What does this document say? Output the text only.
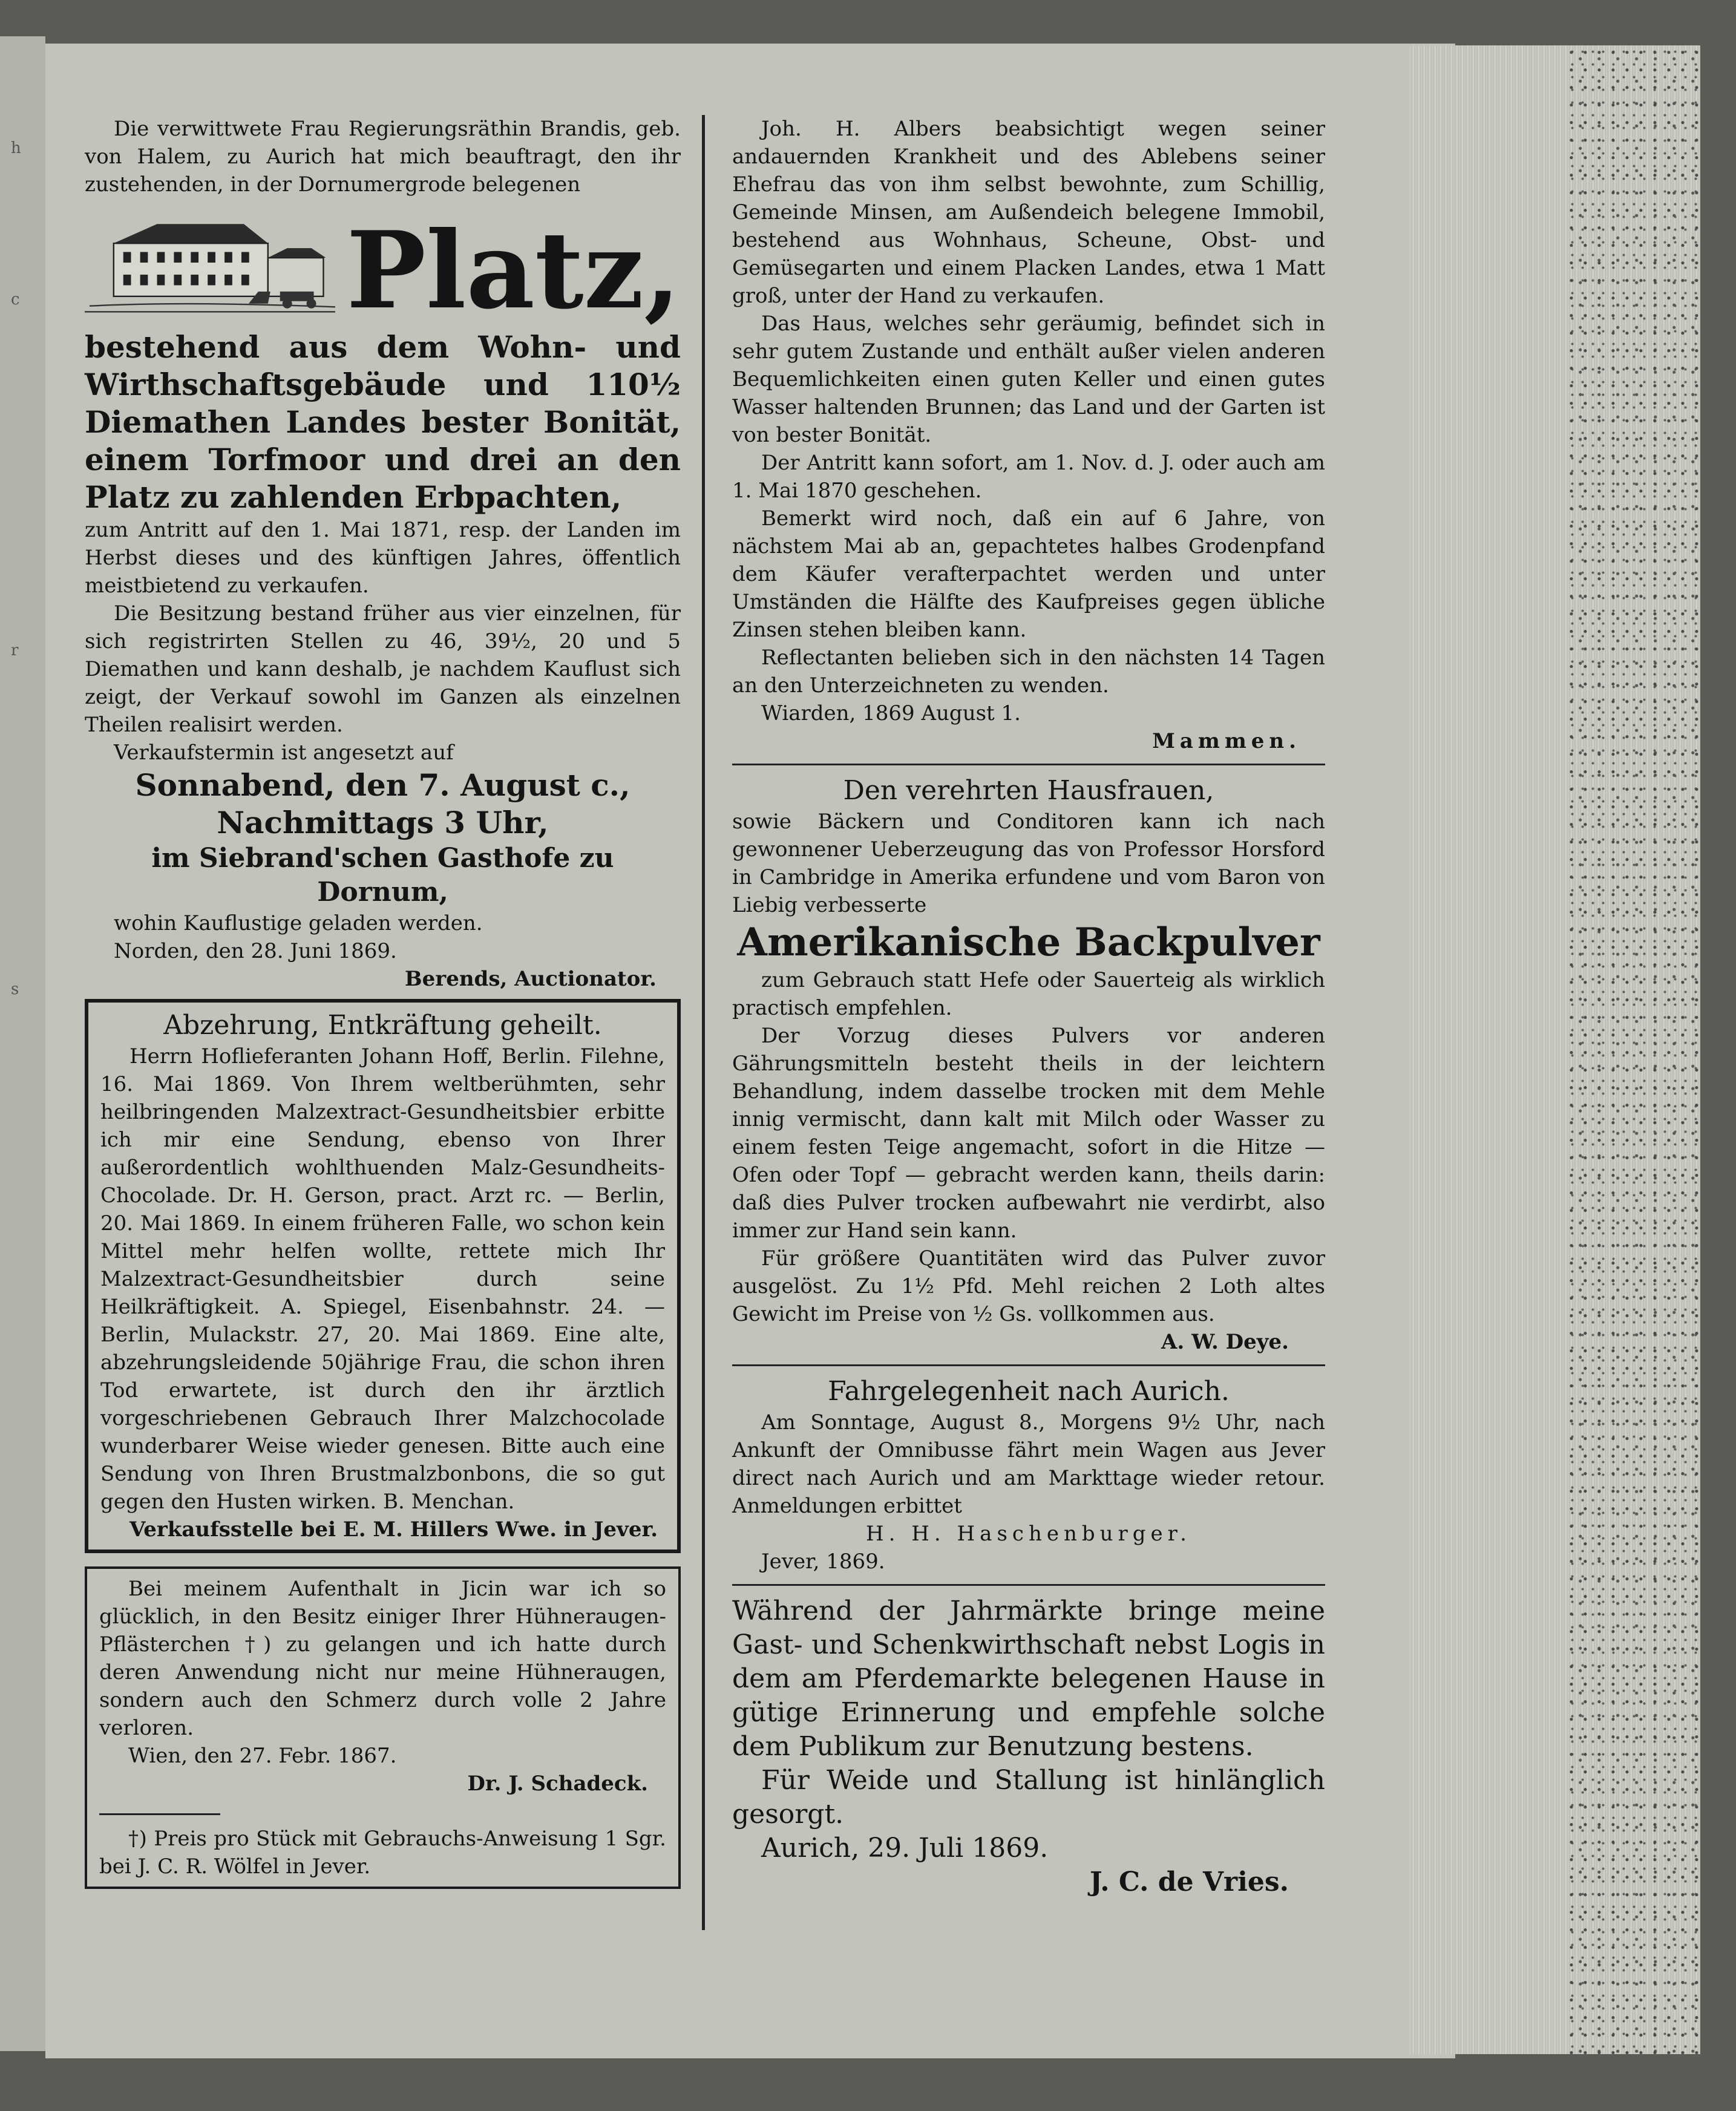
h
c
r
s

Die verwittwete Frau Regierungsräthin Brandis, geb. von Halem, zu Aurich hat mich beauftragt, den ihr zustehenden, in der Dornumergrode belegenen

Platz,

bestehend aus dem Wohn- und Wirthschaftsgebäude und 110½ Diemathen Landes bester Bonität, einem Torfmoor und drei an den Platz zu zahlenden Erbpachten,

zum Antritt auf den 1. Mai 1871, resp. der Landen im Herbst dieses und des künftigen Jahres, öffentlich meistbietend zu verkaufen.

Die Besitzung bestand früher aus vier einzelnen, für sich registrirten Stellen zu 46, 39½, 20 und 5 Diemathen und kann deshalb, je nachdem Kauflust sich zeigt, der Verkauf sowohl im Ganzen als einzelnen Theilen realisirt werden.

Verkaufstermin ist angesetzt auf

Sonnabend, den 7. August c.,

Nachmittags 3 Uhr,

im Siebrand'schen Gasthofe zu Dornum,

wohin Kauflustige geladen werden.

Norden, den 28. Juni 1869.

Berends, Auctionator.

Abzehrung, Entkräftung geheilt.

Herrn Hoflieferanten Johann Hoff, Berlin. Filehne, 16. Mai 1869. Von Ihrem weltberühmten, sehr heilbringenden Malzextract-Gesundheitsbier erbitte ich mir eine Sendung, ebenso von Ihrer außerordentlich wohlthuenden Malz-Gesundheits-Chocolade. Dr. H. Gerson, pract. Arzt rc. — Berlin, 20. Mai 1869. In einem früheren Falle, wo schon kein Mittel mehr helfen wollte, rettete mich Ihr Malzextract-Gesundheitsbier durch seine Heilkräftigkeit. A. Spiegel, Eisenbahnstr. 24. — Berlin, Mulackstr. 27, 20. Mai 1869. Eine alte, abzehrungsleidende 50jährige Frau, die schon ihren Tod erwartete, ist durch den ihr ärztlich vorgeschriebenen Gebrauch Ihrer Malzchocolade wunderbarer Weise wieder genesen. Bitte auch eine Sendung von Ihren Brustmalzbonbons, die so gut gegen den Husten wirken. B. Menchan.

Verkaufsstelle bei E. M. Hillers Wwe. in Jever.

Bei meinem Aufenthalt in Jicin war ich so glücklich, in den Besitz einiger Ihrer Hühneraugen-Pflästerchen †) zu gelangen und ich hatte durch deren Anwendung nicht nur meine Hühneraugen, sondern auch den Schmerz durch volle 2 Jahre verloren.

Wien, den 27. Febr. 1867.

Dr. J. Schadeck.

†) Preis pro Stück mit Gebrauchs-Anweisung 1 Sgr. bei J. C. R. Wölfel in Jever.

Joh. H. Albers beabsichtigt wegen seiner andauernden Krankheit und des Ablebens seiner Ehefrau das von ihm selbst bewohnte, zum Schillig, Gemeinde Minsen, am Außendeich belegene Immobil, bestehend aus Wohnhaus, Scheune, Obst- und Gemüsegarten und einem Placken Landes, etwa 1 Matt groß, unter der Hand zu verkaufen.

Das Haus, welches sehr geräumig, befindet sich in sehr gutem Zustande und enthält außer vielen anderen Bequemlichkeiten einen guten Keller und einen gutes Wasser haltenden Brunnen; das Land und der Garten ist von bester Bonität.

Der Antritt kann sofort, am 1. Nov. d. J. oder auch am 1. Mai 1870 geschehen.

Bemerkt wird noch, daß ein auf 6 Jahre, von nächstem Mai ab an, gepachtetes halbes Grodenpfand dem Käufer verafterpachtet werden und unter Umständen die Hälfte des Kaufpreises gegen übliche Zinsen stehen bleiben kann.

Reflectanten belieben sich in den nächsten 14 Tagen an den Unterzeichneten zu wenden.

Wiarden, 1869 August 1.

Mammen.

Den verehrten Hausfrauen,

sowie Bäckern und Conditoren kann ich nach gewonnener Ueberzeugung das von Professor Horsford in Cambridge in Amerika erfundene und vom Baron von Liebig verbesserte

Amerikanische Backpulver

zum Gebrauch statt Hefe oder Sauerteig als wirklich practisch empfehlen.

Der Vorzug dieses Pulvers vor anderen Gährungsmitteln besteht theils in der leichtern Behandlung, indem dasselbe trocken mit dem Mehle innig vermischt, dann kalt mit Milch oder Wasser zu einem festen Teige angemacht, sofort in die Hitze — Ofen oder Topf — gebracht werden kann, theils darin: daß dies Pulver trocken aufbewahrt nie verdirbt, also immer zur Hand sein kann.

Für größere Quantitäten wird das Pulver zuvor ausgelöst. Zu 1½ Pfd. Mehl reichen 2 Loth altes Gewicht im Preise von ½ Gs. vollkommen aus.

A. W. Deye.

Fahrgelegenheit nach Aurich.

Am Sonntage, August 8., Morgens 9½ Uhr, nach Ankunft der Omnibusse fährt mein Wagen aus Jever direct nach Aurich und am Markttage wieder retour. Anmeldungen erbittet

H. H. Haschenburger.

Jever, 1869.

Während der Jahrmärkte bringe meine Gast- und Schenkwirthschaft nebst Logis in dem am Pferdemarkte belegenen Hause in gütige Erinnerung und empfehle solche dem Publikum zur Benutzung bestens.

Für Weide und Stallung ist hinlänglich gesorgt.

Aurich, 29. Juli 1869.

J. C. de Vries.
